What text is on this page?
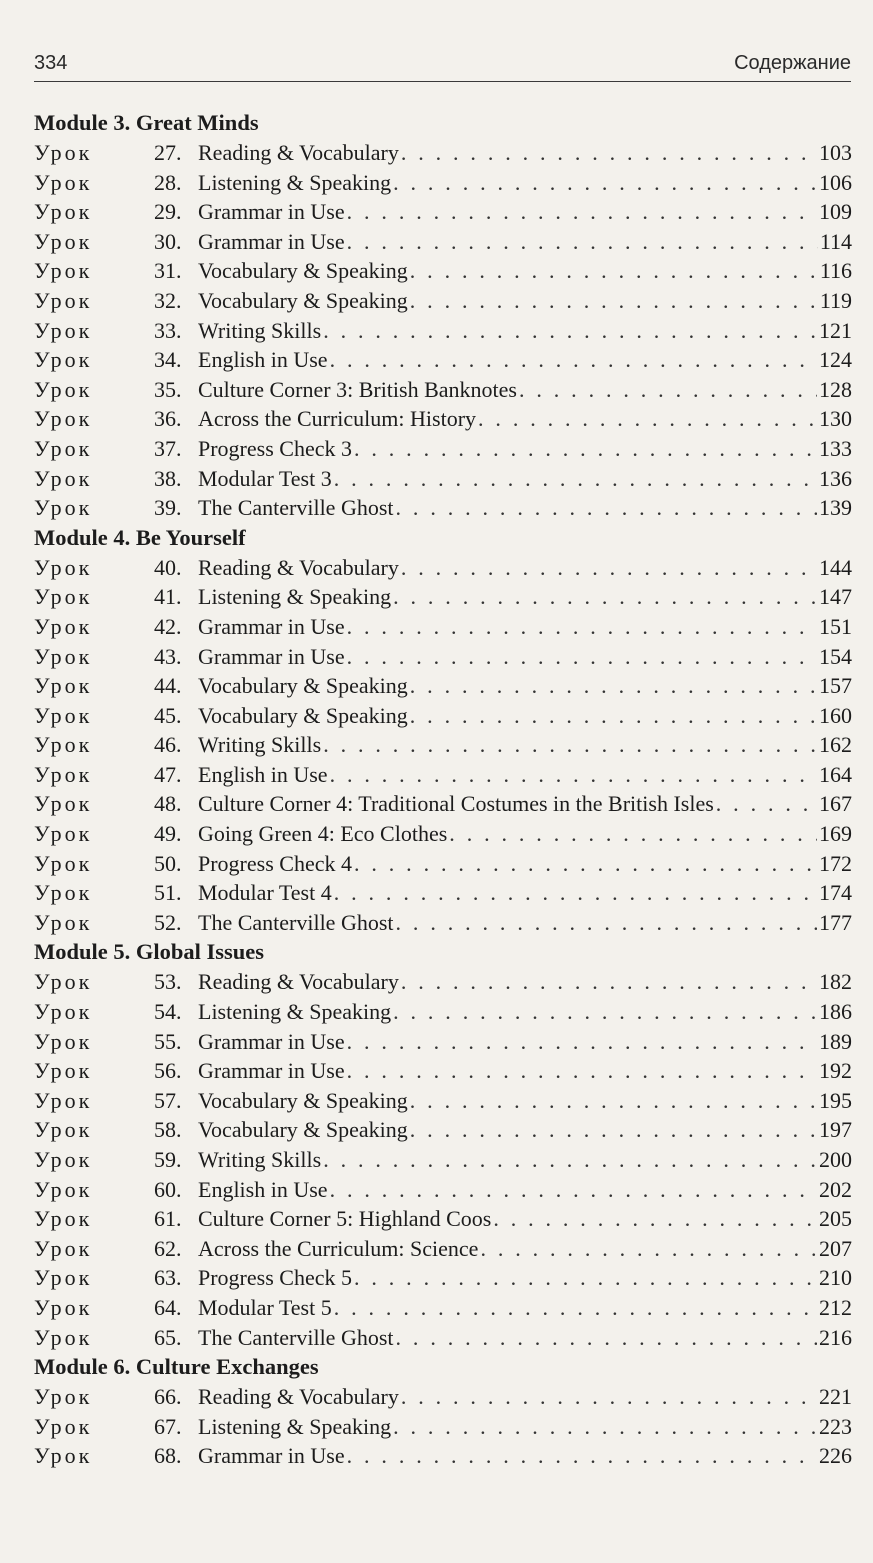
334	Содержание
Module 3. Great Minds
Урок	27. Reading & Vocabulary . . .	103
Урок	28. Listening & Speaking . . .	106
Урок	29. Grammar in Use . . .	109
Урок	30. Grammar in Use . . .	114
Урок	31. Vocabulary & Speaking . . .	116
Урок	32. Vocabulary & Speaking . . .	119
Урок	33. Writing Skills . . .	121
Урок	34. English in Use . . .	124
Урок	35. Culture Corner 3: British Banknotes . . .	128
Урок	36. Across the Curriculum: History . . .	130
Урок	37. Progress Check 3 . . .	133
Урок	38. Modular Test 3 . . .	136
Урок	39. The Canterville Ghost . . .	139
Module 4. Be Yourself
Урок	40. Reading & Vocabulary . . .	144
Урок	41. Listening & Speaking . . .	147
Урок	42. Grammar in Use . . .	151
Урок	43. Grammar in Use . . .	154
Урок	44. Vocabulary & Speaking . . .	157
Урок	45. Vocabulary & Speaking . . .	160
Урок	46. Writing Skills . . .	162
Урок	47. English in Use . . .	164
Урок	48. Culture Corner 4: Traditional Costumes in the British Isles . . .	167
Урок	49. Going Green 4: Eco Clothes . . .	169
Урок	50. Progress Check 4 . . .	172
Урок	51. Modular Test 4 . . .	174
Урок	52. The Canterville Ghost . . .	177
Module 5. Global Issues
Урок	53. Reading & Vocabulary . . .	182
Урок	54. Listening & Speaking . . .	186
Урок	55. Grammar in Use . . .	189
Урок	56. Grammar in Use . . .	192
Урок	57. Vocabulary & Speaking . . .	195
Урок	58. Vocabulary & Speaking . . .	197
Урок	59. Writing Skills . . .	200
Урок	60. English in Use . . .	202
Урок	61. Culture Corner 5: Highland Coos . . .	205
Урок	62. Across the Curriculum: Science . . .	207
Урок	63. Progress Check 5 . . .	210
Урок	64. Modular Test 5 . . .	212
Урок	65. The Canterville Ghost . . .	216
Module 6. Culture Exchanges
Урок	66. Reading & Vocabulary . . .	221
Урок	67. Listening & Speaking . . .	223
Урок	68. Grammar in Use . . .	226
